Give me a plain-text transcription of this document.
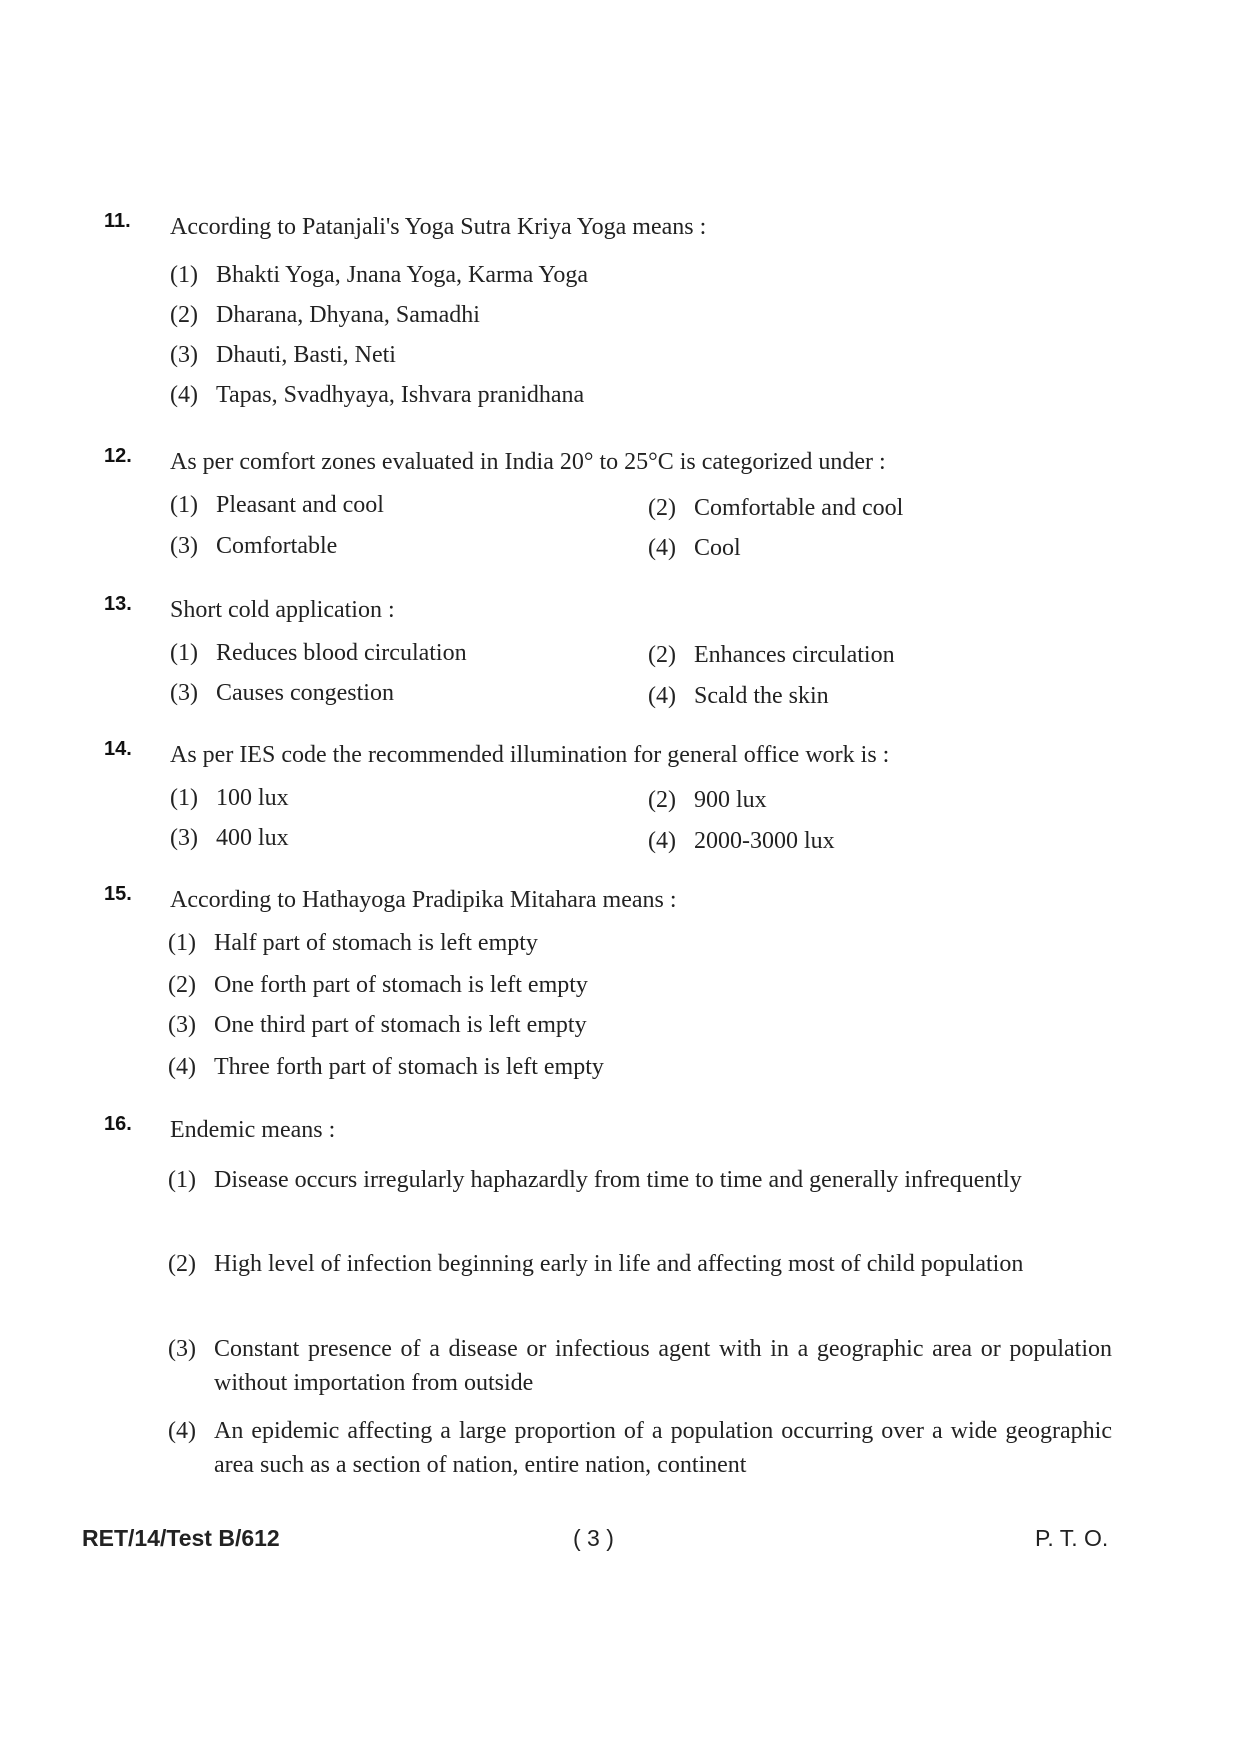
11. According to Patanjali's Yoga Sutra Kriya Yoga means :
(1) Bhakti Yoga, Jnana Yoga, Karma Yoga
(2) Dharana, Dhyana, Samadhi
(3) Dhauti, Basti, Neti
(4) Tapas, Svadhyaya, Ishvara pranidhana
12. As per comfort zones evaluated in India 20° to 25°C is categorized under :
(1) Pleasant and cool	(2) Comfortable and cool
(3) Comfortable	(4) Cool
13. Short cold application :
(1) Reduces blood circulation	(2) Enhances circulation
(3) Causes congestion	(4) Scald the skin
14. As per IES code the recommended illumination for general office work is :
(1) 100 lux	(2) 900 lux
(3) 400 lux	(4) 2000-3000 lux
15. According to Hathayoga Pradipika Mitahara means :
(1) Half part of stomach is left empty
(2) One forth part of stomach is left empty
(3) One third part of stomach is left empty
(4) Three forth part of stomach is left empty
16. Endemic means :
(1) Disease occurs irregularly haphazardly from time to time and generally infrequently
(2) High level of infection beginning early in life and affecting most of child population
(3) Constant presence of a disease or infectious agent with in a geographic area or population without importation from outside
(4) An epidemic affecting a large proportion of a population occurring over a wide geographic area such as a section of nation, entire nation, continent
RET/14/Test B/612	( 3 )	P. T. O.
